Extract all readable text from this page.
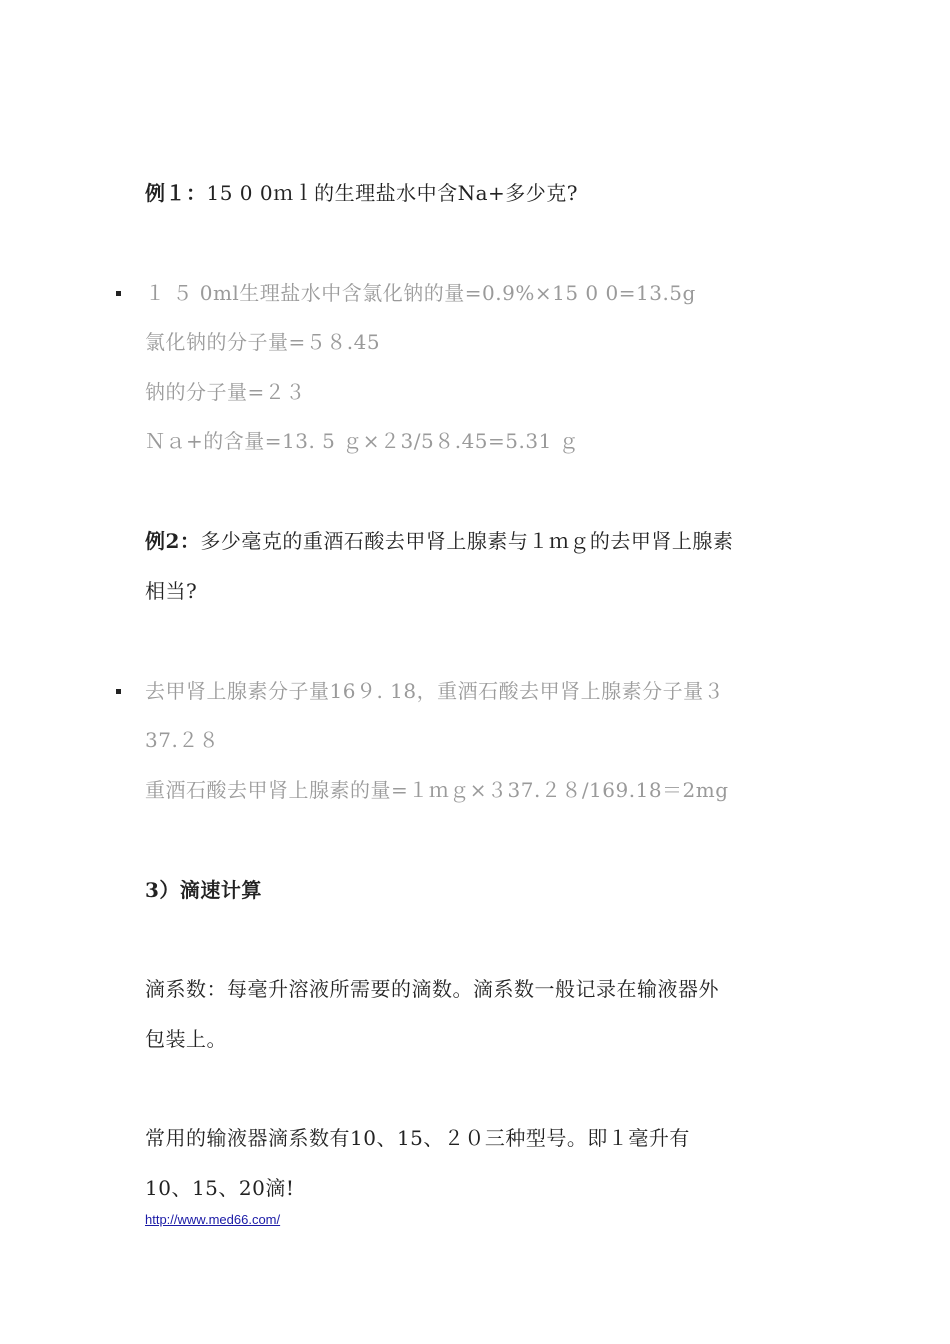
例１：15 0 0ｍｌ的生理盐水中含Na+多少克?
１ ５ 0ml生理盐水中含氯化钠的量=0.9%×15 0 0=13.5g
氯化钠的分子量=５８.45
钠的分子量=２３
Ｎａ+的含量=13. 5 ｇ×２3/5８.45=5.31 ｇ
例2：多少毫克的重酒石酸去甲肾上腺素与１ｍｇ的去甲肾上腺素
相当?
去甲肾上腺素分子量16９. 18，重酒石酸去甲肾上腺素分子量３
37.２８
重酒石酸去甲肾上腺素的量=１ｍｇ×３37.２８/169.18＝2mg
3）滴速计算
滴系数：每毫升溶液所需要的滴数。滴系数一般记录在输液器外
包装上。
常用的输液器滴系数有10、15、２０三种型号。即１毫升有
10、15、20滴!
http://www.med66.com/
